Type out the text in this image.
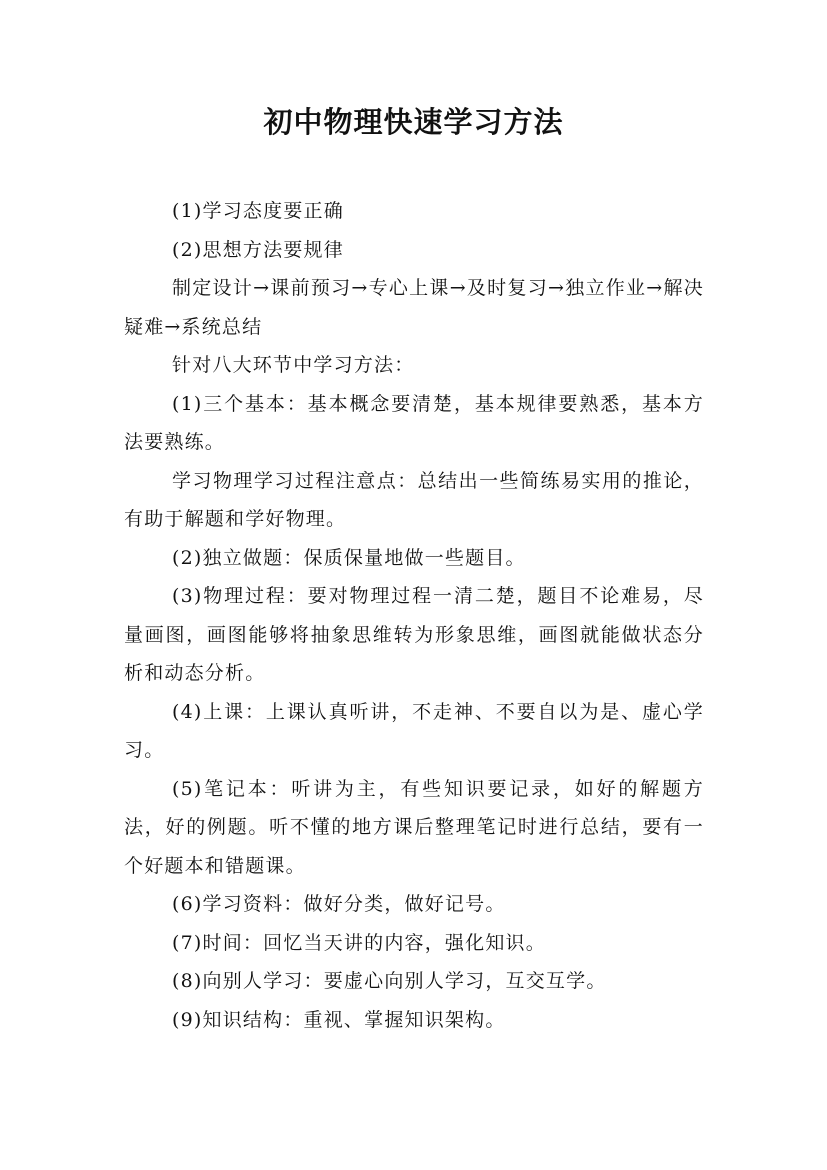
初中物理快速学习方法

(1)学习态度要正确

(2)思想方法要规律

制定设计→课前预习→专心上课→及时复习→独立作业→解决疑难→系统总结

针对八大环节中学习方法：

(1)三个基本：基本概念要清楚，基本规律要熟悉，基本方法要熟练。

学习物理学习过程注意点：总结出一些简练易实用的推论，有助于解题和学好物理。

(2)独立做题：保质保量地做一些题目。

(3)物理过程：要对物理过程一清二楚，题目不论难易，尽量画图，画图能够将抽象思维转为形象思维，画图就能做状态分析和动态分析。

(4)上课：上课认真听讲，不走神、不要自以为是、虚心学习。

(5)笔记本：听讲为主，有些知识要记录，如好的解题方法，好的例题。听不懂的地方课后整理笔记时进行总结，要有一个好题本和错题课。

(6)学习资料：做好分类，做好记号。

(7)时间：回忆当天讲的内容，强化知识。

(8)向别人学习：要虚心向别人学习，互交互学。

(9)知识结构：重视、掌握知识架构。
